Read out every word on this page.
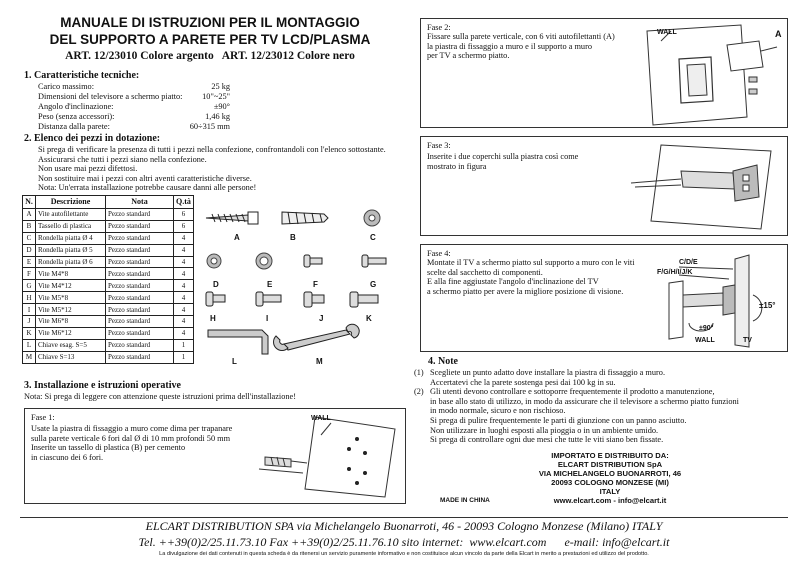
MANUALE DI ISTRUZIONI PER IL MONTAGGIO
DEL SUPPORTO A PARETE PER TV LCD/PLASMA
ART. 12/23010 Colore argento   ART. 12/23012 Colore nero
1. Caratteristiche tecniche:
Carico massimo:	25 kg
Dimensioni del televisore a schermo piatto: 10"~25"
Angolo d'inclinazione:	±90°
Peso (senza accessori):	1,46 kg
Distanza dalla parete:	60÷315 mm
2. Elenco dei pezzi in dotazione:
Si prega di verificare la presenza di tutti i pezzi nella confezione, confrontandoli con l'elenco sottostante.
Assicurarsi che tutti i pezzi siano nella confezione.
Non usare mai pezzi difettosi.
Non sostituire mai i pezzi con altri aventi caratteristiche diverse.
Nota: Un'errata installazione potrebbe causare danni alle persone!
N.	Descrizione	Nota	Q.tà
A	Vite autofilettante	Pezzo standard	6
B	Tassello di plastica	Pezzo standard	6
C	Rondella piatta Ø 4	Pezzo standard	4
D	Rondella piatta Ø 5	Pezzo standard	4
E	Rondella piatta Ø 6	Pezzo standard	4
F	Vite M4*8	Pezzo standard	4
G	Vite M4*12	Pezzo standard	4
H	Vite M5*8	Pezzo standard	4
I	Vite M5*12	Pezzo standard	4
J	Vite M6*8	Pezzo standard	4
K	Vite M6*12	Pezzo standard	4
L	Chiave esag. S=5	Pezzo standard	1
M	Chiave S=13	Pezzo standard	1
A	B	C
D	E	F	G
H	I	J	K
L	M
3. Installazione e istruzioni operative
Nota: Si prega di leggere con attenzione queste istruzioni prima dell'installazione!
Fase 1:
Usate la piastra di fissaggio a muro come dima per trapanare
sulla parete verticale 6 fori dal Ø di 10 mm profondi 50 mm
Inserite un tassello di plastica (B) per cemento
in ciascuno dei 6 fori.
WALL
Fase 2:
Fissare sulla parete verticale, con 6 viti autofilettanti (A)
la piastra di fissaggio a muro e il supporto a muro
per TV a schermo piatto.
WALL	A
Fase 3:
Inserite i due coperchi sulla piastra così come
mostrato in figura
Fase 4:
Montate il TV a schermo piatto sul supporto a muro con le viti
scelte dal sacchetto di componenti.
E alla fine aggiustate l'angolo d'inclinazione del TV
a schermo piatto per avere la migliore posizione di visione.
C/D/E
F/G/H/I/J/K
±15°
±90°
WALL	TV
4. Note
(1) Scegliete un punto adatto dove installare la piastra di fissaggio a muro.
Accertatevi che la parete sostenga pesi dai 100 kg in su.
(2) Gli utenti devono controllare e sottoporre frequentemente il prodotto a manutenzione,
in base allo stato di utilizzo, in modo da assicurare che il televisore a schermo piatto funzioni
in modo normale, sicuro e non rischioso.
Si prega di pulire frequentemente le parti di giunzione con un panno asciutto.
Non utilizzare in luoghi esposti alla pioggia o in un ambiente umido.
Si prega di controllare ogni due mesi che tutte le viti siano ben fissate.
IMPORTATO E DISTRIBUITO DA:
ELCART DISTRIBUTION SpA
VIA MICHELANGELO BUONARROTI, 46
20093 COLOGNO MONZESE (MI)
ITALY
www.elcart.com - info@elcart.it
MADE IN CHINA
ELCART DISTRIBUTION SPA via Michelangelo Buonarroti, 46 - 20093 Cologno Monzese (Milano) ITALY
Tel. ++39(0)2/25.11.73.10 Fax ++39(0)2/25.11.76.10 sito internet:  www.elcart.com      e-mail: info@elcart.it
La divulgazione dei dati contenuti in questa scheda è da ritenersi un servizio puramente informativo e non costituisce alcun vincolo da parte della Elcart in merito a prestazioni ed utilizzo del prodotto.
